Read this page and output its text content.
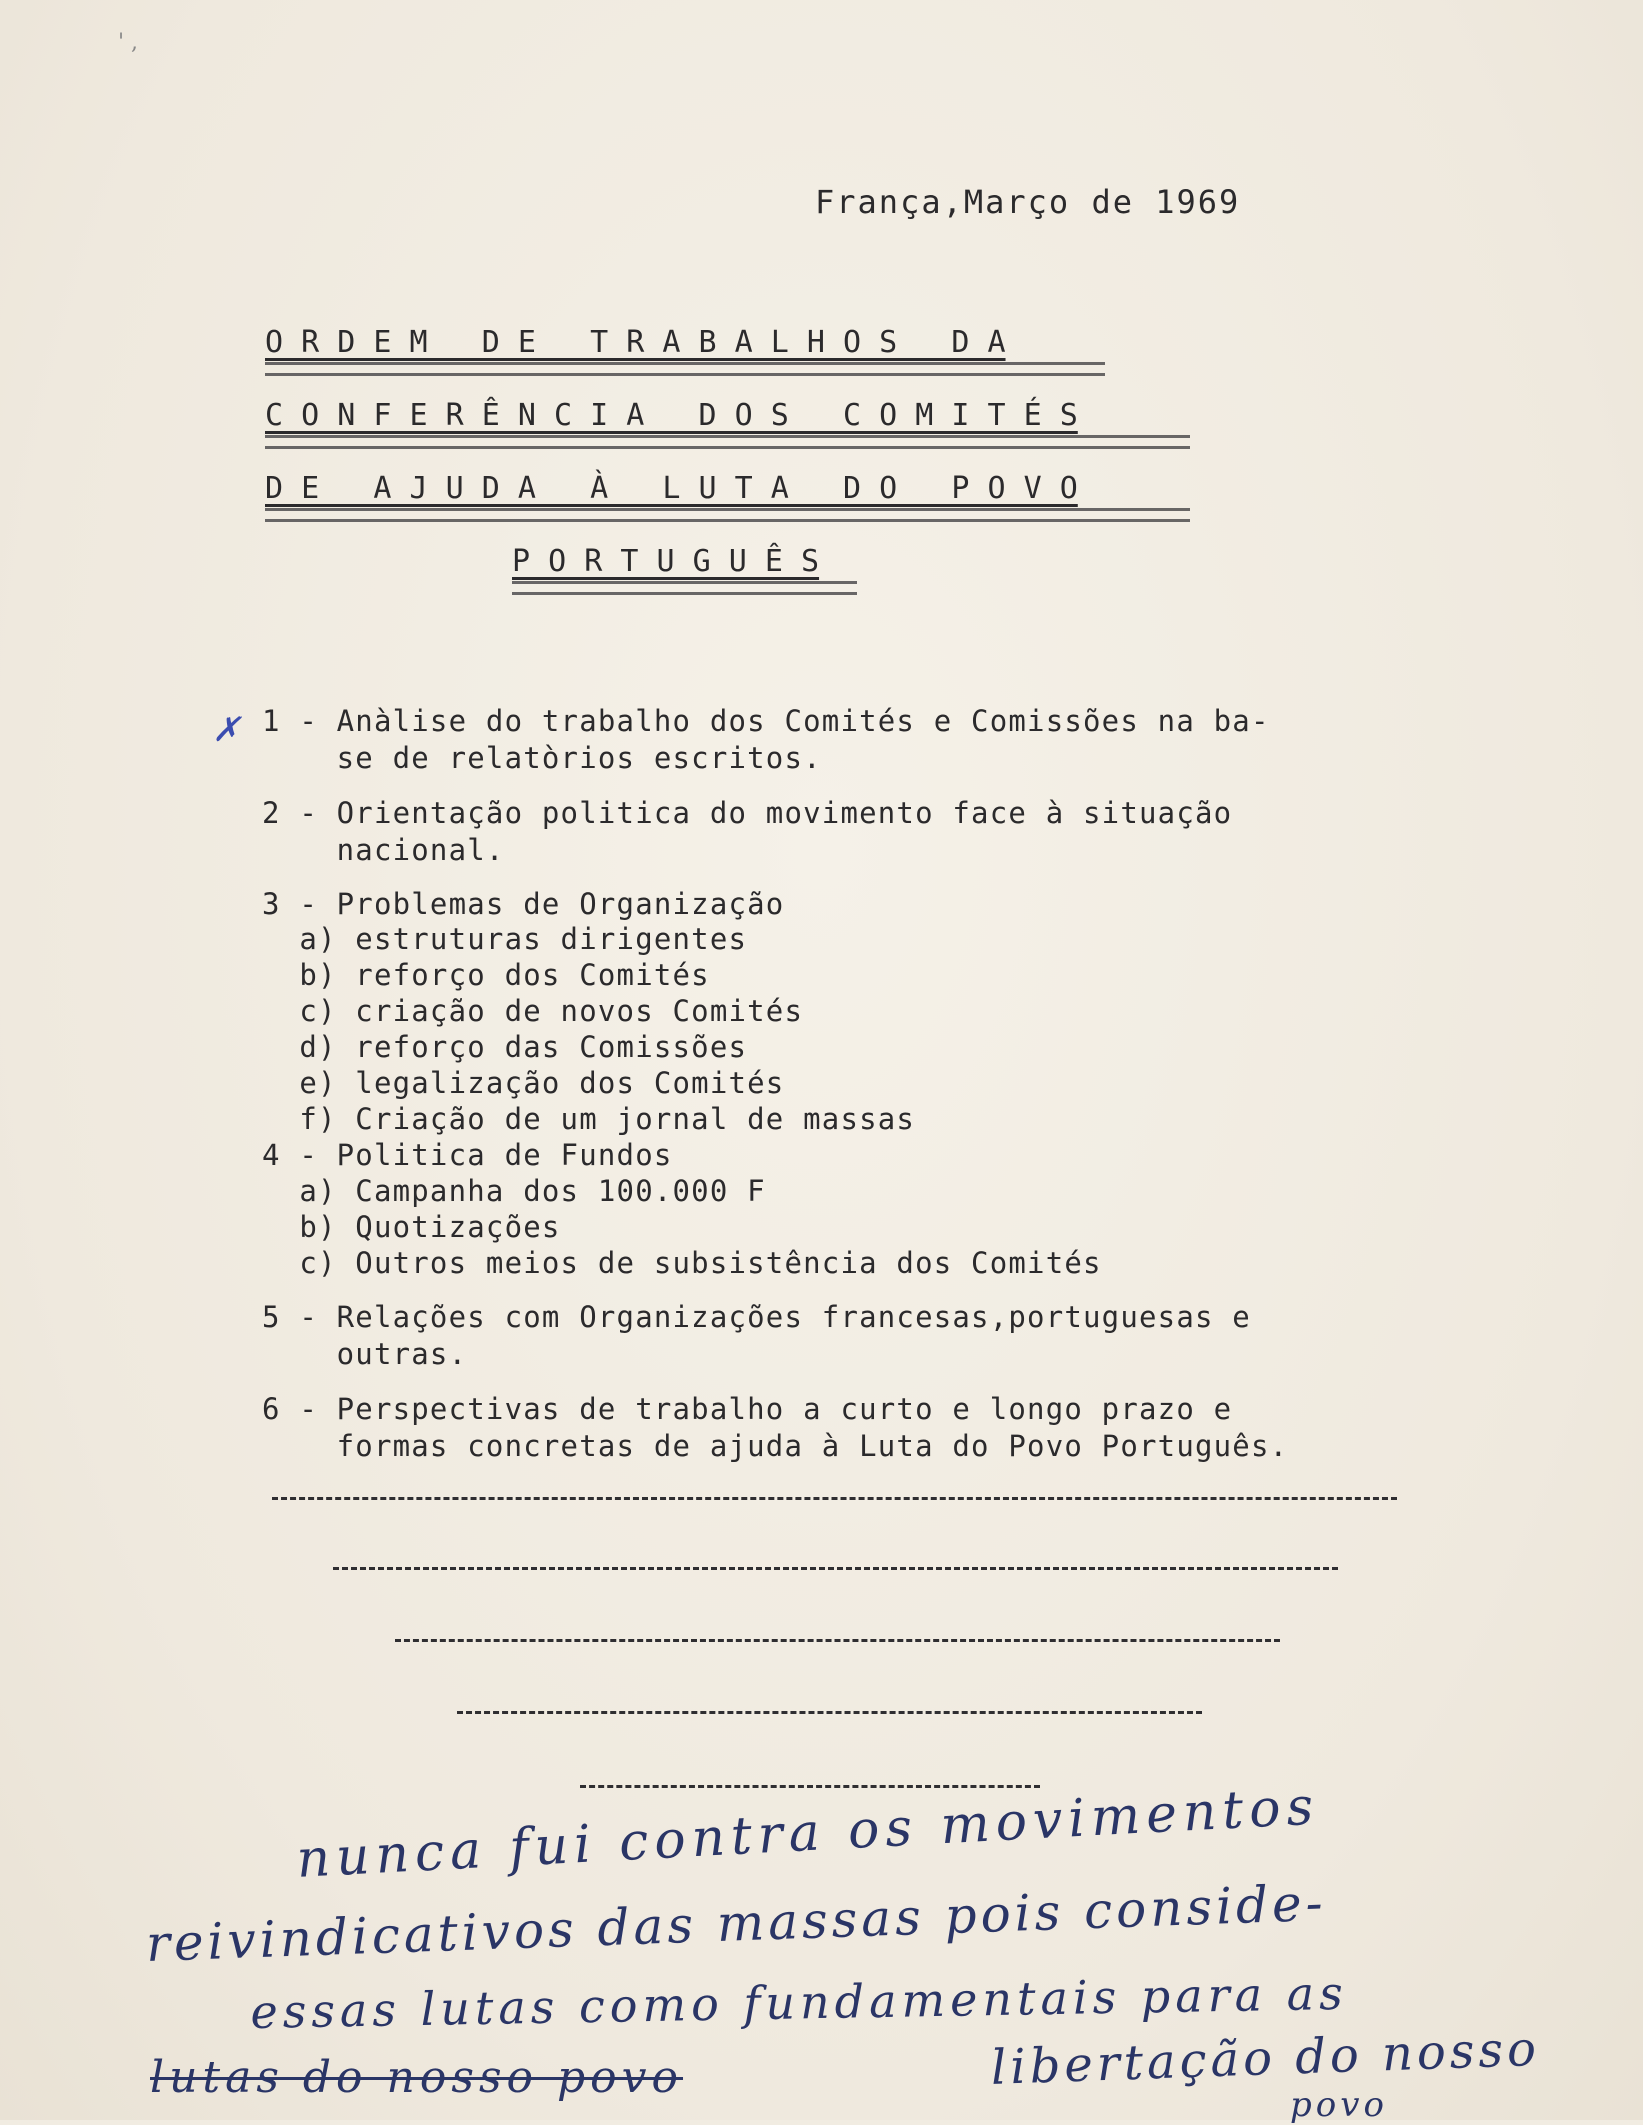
' ,
França,Março de 1969
O R D E M   D E   T R A B A L H O S   D A
C O N F E R Ê N C I A   D O S   C O M I T É S
D E   A J U D A   À   L U T A   D O   P O V O
P O R T U G U Ê S
✗ 1 - Anàlise do trabalho dos Comités e Comissões na ba-
se de relatòrios escritos.
2 - Orientação politica do movimento face à situação
nacional.
3 - Problemas de Organização
a) estruturas dirigentes
b) reforço dos Comités
c) criação de novos Comités
d) reforço das Comissões
e) legalização dos Comités
f) Criação de um jornal de massas
4 - Politica de Fundos
a) Campanha dos 100.000 F
b) Quotizações
c) Outros meios de subsistência dos Comités
5 - Relações com Organizações francesas,portuguesas e
outras.
6 - Perspectivas de trabalho a curto e longo prazo e
formas concretas de ajuda à Luta do Povo Português.
nunca fui contra os movimentos
reivindicativos das massas pois conside-
essas lutas como fundamentais para as
lutas do nosso povo	libertação do nosso
povo
